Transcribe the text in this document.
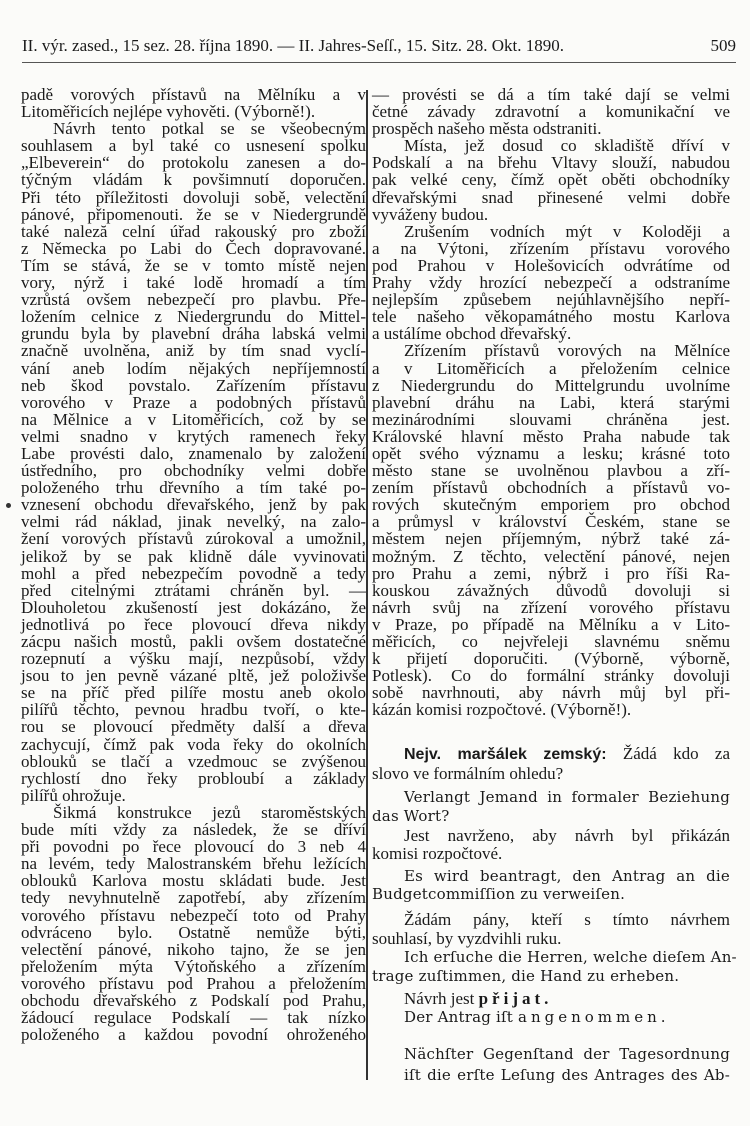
II. výr. zased., 15 sez. 28. října 1890. — II. Jahres-Seſſ., 15. Sitz. 28. Okt. 1890.	509
padě vorových přístavů na Mělníku a v
Litoměřicích nejlépe vyhověti. (Výborně!).
Návrh tento potkal se se všeobecným
souhlasem a byl také co usnesení spolku
„Elbeverein“ do protokolu zanesen a do-
týčným vládám k povšimnutí doporučen.
Při této příležitosti dovoluji sobě, velectění
pánové, připomenouti. že se v Niedergrundě
také naleză celní úřad rakouský pro zboží
z Německa po Labi do Čech dopravované.
Tím se stává, že se v tomto místě nejen
vory, nýrž i také lodě hromadí a tím
vzrůstá ovšem nebezpečí pro plavbu. Pře-
ložením celnice z Niedergrundu do Mittel-
grundu byla by plavební dráha labská velmi
značně uvolněna, aniž by tím snad vyclí-
vání aneb lodím nějakých nepříjemností
neb škod povstalo. Zařízením přístavu
vorového v Praze a podobných přístavů
na Mělnice a v Litoměřicích, což by se
velmi snadno v krytých ramenech řeky
Labe provésti dalo, znamenalo by založení
ústředního, pro obchodníky velmi dobře
položeného trhu dřevního a tím také po-
vznesení obchodu dřevařského, jenž by pak
velmi rád náklad, jinak nevelký, na zalo-
žení vorových přístavů zúrokoval a umožnil,
jelikož by se pak klidně dále vyvinovati
mohl a před nebezpečím povodně a tedy
před citelnými ztrátami chráněn byl. —
Dlouholetou zkušeností jest dokázáno, že
jednotlivá po řece plovoucí dřeva nikdy
zácpu našich mostů, pakli ovšem dostatečné
rozepnutí a výšku mají, nezpůsobí, vždy
jsou to jen pevně vázané pltě, jež položivše
se na příč před pilíře mostu aneb okolo
pilířů těchto, pevnou hradbu tvoří, o kte-
rou se plovoucí předměty další a dřeva
zachycují, čímž pak voda řeky do okolních
oblouků se tlačí a vzedmouc se zvýšenou
rychlostí dno řeky probloubí a základy
pilířů ohrožuje.
Šikmá konstrukce jezů staroměstských
bude míti vždy za následek, že se dříví
při povodni po řece plovoucí do 3 neb 4
na levém, tedy Malostranském břehu ležících
oblouků Karlova mostu skládati bude. Jest
tedy nevyhnutelně zapotřebí, aby zřízením
vorového přístavu nebezpečí toto od Prahy
odvráceno bylo. Ostatně nemůže býti,
velectění pánové, nikoho tajno, že se jen
přeložením mýta Výtoňského a zřízením
vorového přístavu pod Prahou a přeložením
obchodu dřevařského z Podskalí pod Prahu,
žádoucí regulace Podskalí — tak nízko
položeného a každou povodní ohroženého
— provésti se dá a tím také dají se velmi
četné závady zdravotní a komunikační ve
prospěch našeho města odstraniti.
Místa, jež dosud co skladiště dříví v
Podskalí a na břehu Vltavy slouží, nabudou
pak velké ceny, čímž opět oběti obchodníky
dřevařskými snad přinesené velmi dobře
vyváženy budou.
Zrušením vodních mýt v Koloději a
a na Výtoni, zřízením přístavu vorového
pod Prahou v Holešovicích odvrátíme od
Prahy vždy hrozící nebezpečí a odstraníme
nejlepším způsebem nejúhlavnějšího nepří-
tele našeho věkopamátného mostu Karlova
a ustálíme obchod dřevařský.
Zřízením přístavů vorových na Mělníce
a v Litoměřicích a přeložením celnice
z Niedergrundu do Mittelgrundu uvolníme
plavební dráhu na Labi, která starými
mezinárodními slouvami chráněna jest.
Královské hlavní město Praha nabude tak
opět svého významu a lesku; krásné toto
město stane se uvolněnou plavbou a zří-
zením přístavů obchodních a přístavů vo-
rových skutečným emporiem pro obchod
a průmysl v království Českém, stane se
městem nejen příjemným, nýbrž také zá-
možným. Z těchto, velectění pánové, nejen
pro Prahu a zemi, nýbrž i pro říši Ra-
kouskou závažných důvodů dovoluji si
návrh svůj na zřízení vorového přístavu
v Praze, po případě na Mělníku a v Lito-
měřicích, co nejvřeleji slavnému sněmu
k přijetí doporučiti. (Výborně, výborně,
Potlesk). Co do formální stránky dovoluji
sobě navrhnouti, aby návrh můj byl při-
kázán komisi rozpočtové. (Výborně!).
Nejv. maršálek zemský: Žádá kdo za
slovo ve formálním ohledu?
Verlangt Jemand in formaler Beziehung
das Wort?
Jest navrženo, aby návrh byl přikázán
komisi rozpočtové.
Es wird beantragt, den Antrag an die
Budgetcommiſſion zu verweiſen.
Žádám pány, kteří s tímto návrhem
souhlasí, by vyzdvihli ruku.
Ich erſuche die Herren, welche dieſem An-
trage zuſtimmen, die Hand zu erheben.
Návrh jest přijat.
Der Antrag iſt angenommen.
Nächſter Gegenſtand der Tagesordnung
iſt die erſte Leſung des Antrages des Ab-
